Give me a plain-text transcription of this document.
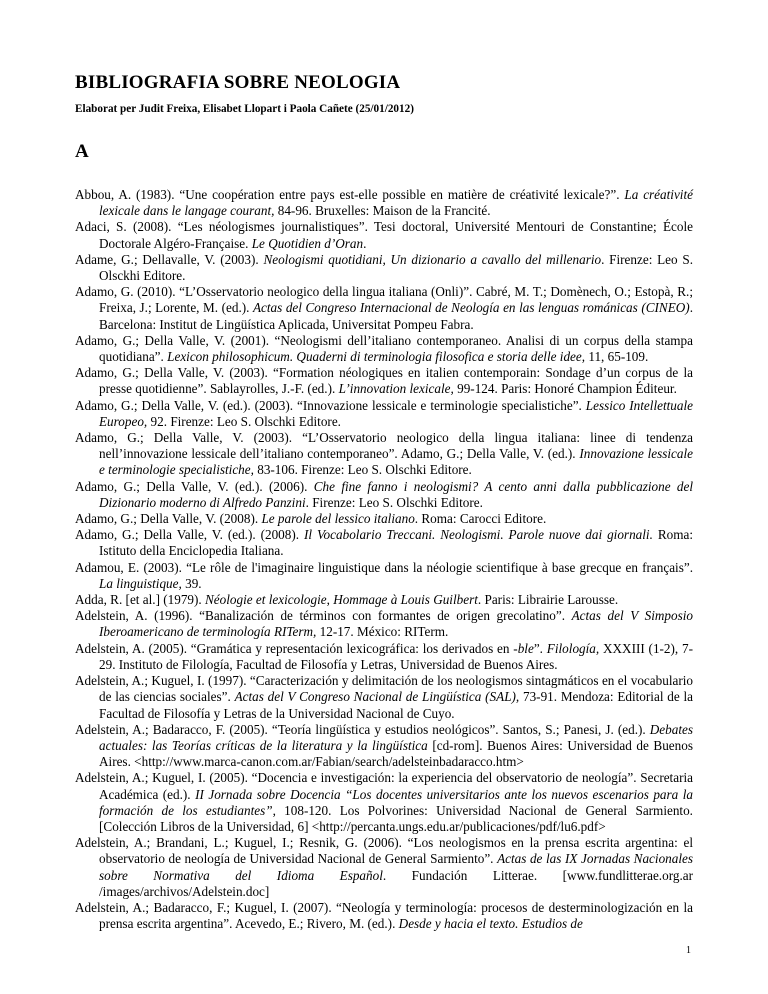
BIBLIOGRAFIA SOBRE NEOLOGIA

Elaborat per Judit Freixa, Elisabet Llopart i Paola Cañete (25/01/2012)

A

Abbou, A. (1983). “Une coopération entre pays est-elle possible en matière de créativité lexicale?”. La créativité lexicale dans le langage courant, 84-96. Bruxelles: Maison de la Francité.

Adaci, S. (2008). “Les néologismes journalistiques”. Tesi doctoral, Université Mentouri de Constantine; École Doctorale Algéro-Française. Le Quotidien d’Oran.

Adame, G.; Dellavalle, V. (2003). Neologismi quotidiani, Un dizionario a cavallo del millenario. Firenze: Leo S. Olsckhi Editore.

Adamo, G. (2010). “L’Osservatorio neologico della lingua italiana (Onli)”. Cabré, M. T.; Domènech, O.; Estopà, R.; Freixa, J.; Lorente, M. (ed.). Actas del Congreso Internacional de Neología en las lenguas románicas (CINEO). Barcelona: Institut de Lingüística Aplicada, Universitat Pompeu Fabra.

Adamo, G.; Della Valle, V. (2001). “Neologismi dell’italiano contemporaneo. Analisi di un corpus della stampa quotidiana”. Lexicon philosophicum. Quaderni di terminologia filosofica e storia delle idee, 11, 65-109.

Adamo, G.; Della Valle, V. (2003). “Formation néologiques en italien contemporain: Sondage d’un corpus de la presse quotidienne”. Sablayrolles, J.-F. (ed.). L’innovation lexicale, 99-124. Paris: Honoré Champion Éditeur.

Adamo, G.; Della Valle, V. (ed.). (2003). “Innovazione lessicale e terminologie specialistiche”. Lessico Intellettuale Europeo, 92. Firenze: Leo S. Olschki Editore.

Adamo, G.; Della Valle, V. (2003). “L’Osservatorio neologico della lingua italiana: linee di tendenza nell’innovazione lessicale dell’italiano contemporaneo”. Adamo, G.; Della Valle, V. (ed.). Innovazione lessicale e terminologie specialistiche, 83-106. Firenze: Leo S. Olschki Editore.

Adamo, G.; Della Valle, V. (ed.). (2006). Che fine fanno i neologismi? A cento anni dalla pubblicazione del Dizionario moderno di Alfredo Panzini. Firenze: Leo S. Olschki Editore.

Adamo, G.; Della Valle, V. (2008). Le parole del lessico italiano. Roma: Carocci Editore.

Adamo, G.; Della Valle, V. (ed.). (2008). Il Vocabolario Treccani. Neologismi. Parole nuove dai giornali. Roma: Istituto della Enciclopedia Italiana.

Adamou, E. (2003). “Le rôle de l'imaginaire linguistique dans la néologie scientifique à base grecque en français”. La linguistique, 39.

Adda, R. [et al.] (1979). Néologie et lexicologie, Hommage à Louis Guilbert. Paris: Librairie Larousse.

Adelstein, A. (1996). “Banalización de términos con formantes de origen grecolatino”. Actas del V Simposio Iberoamericano de terminología RITerm, 12-17. México: RITerm.

Adelstein, A. (2005). “Gramática y representación lexicográfica: los derivados en -ble”. Filología, XXXIII (1-2), 7-29. Instituto de Filología, Facultad de Filosofía y Letras, Universidad de Buenos Aires.

Adelstein, A.; Kuguel, I. (1997). “Caracterización y delimitación de los neologismos sintagmáticos en el vocabulario de las ciencias sociales”. Actas del V Congreso Nacional de Lingüística (SAL), 73-91. Mendoza: Editorial de la Facultad de Filosofía y Letras de la Universidad Nacional de Cuyo.

Adelstein, A.; Badaracco, F. (2005). “Teoría lingüística y estudios neológicos”. Santos, S.; Panesi, J. (ed.). Debates actuales: las Teorías críticas de la literatura y la lingüística [cd-rom]. Buenos Aires: Universidad de Buenos Aires. <http://www.marca-canon.com.ar/Fabian/search/adelsteinbadaracco.htm>

Adelstein, A.; Kuguel, I. (2005). “Docencia e investigación: la experiencia del observatorio de neología”. Secretaria Académica (ed.). II Jornada sobre Docencia “Los docentes universitarios ante los nuevos escenarios para la formación de los estudiantes”, 108-120. Los Polvorines: Universidad Nacional de General Sarmiento. [Colección Libros de la Universidad, 6] <http://percanta.ungs.edu.ar/publicaciones/pdf/lu6.pdf>

Adelstein, A.; Brandani, L.; Kuguel, I.; Resnik, G. (2006). “Los neologismos en la prensa escrita argentina: el observatorio de neología de Universidad Nacional de General Sarmiento”. Actas de las IX Jornadas Nacionales sobre Normativa del Idioma Español. Fundación Litterae. [www.fundlitterae.org.ar /images/archivos/Adelstein.doc]

Adelstein, A.; Badaracco, F.; Kuguel, I. (2007). “Neología y terminología: procesos de desterminologización en la prensa escrita argentina”. Acevedo, E.; Rivero, M. (ed.). Desde y hacia el texto. Estudios de

1
